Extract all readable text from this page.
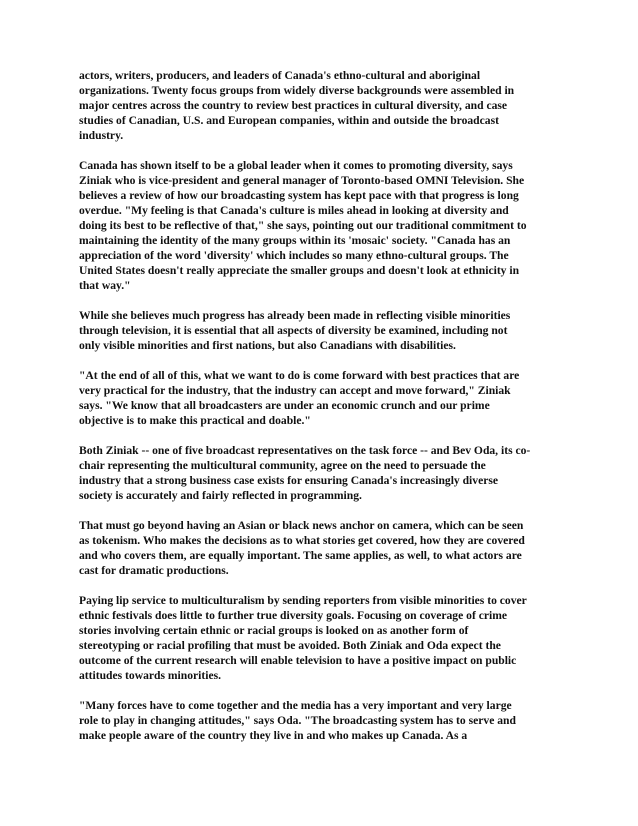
actors, writers, producers, and leaders of Canada's ethno-cultural and aboriginal
organizations. Twenty focus groups from widely diverse backgrounds were assembled in
major centres across the country to review best practices in cultural diversity, and case
studies of Canadian, U.S. and European companies, within and outside the broadcast
industry.

Canada has shown itself to be a global leader when it comes to promoting diversity, says
Ziniak who is vice-president and general manager of Toronto-based OMNI Television. She
believes a review of how our broadcasting system has kept pace with that progress is long
overdue. "My feeling is that Canada's culture is miles ahead in looking at diversity and
doing its best to be reflective of that," she says, pointing out our traditional commitment to
maintaining the identity of the many groups within its 'mosaic' society. "Canada has an
appreciation of the word 'diversity' which includes so many ethno-cultural groups. The
United States doesn't really appreciate the smaller groups and doesn't look at ethnicity in
that way."

While she believes much progress has already been made in reflecting visible minorities
through television, it is essential that all aspects of diversity be examined, including not
only visible minorities and first nations, but also Canadians with disabilities.

"At the end of all of this, what we want to do is come forward with best practices that are
very practical for the industry, that the industry can accept and move forward," Ziniak
says. "We know that all broadcasters are under an economic crunch and our prime
objective is to make this practical and doable."

Both Ziniak -- one of five broadcast representatives on the task force -- and Bev Oda, its co-
chair representing the multicultural community, agree on the need to persuade the
industry that a strong business case exists for ensuring Canada's increasingly diverse
society is accurately and fairly reflected in programming.

That must go beyond having an Asian or black news anchor on camera, which can be seen
as tokenism. Who makes the decisions as to what stories get covered, how they are covered
and who covers them, are equally important. The same applies, as well, to what actors are
cast for dramatic productions.

Paying lip service to multiculturalism by sending reporters from visible minorities to cover
ethnic festivals does little to further true diversity goals. Focusing on coverage of crime
stories involving certain ethnic or racial groups is looked on as another form of
stereotyping or racial profiling that must be avoided. Both Ziniak and Oda expect the
outcome of the current research will enable television to have a positive impact on public
attitudes towards minorities.

"Many forces have to come together and the media has a very important and very large
role to play in changing attitudes," says Oda. "The broadcasting system has to serve and
make people aware of the country they live in and who makes up Canada. As a
